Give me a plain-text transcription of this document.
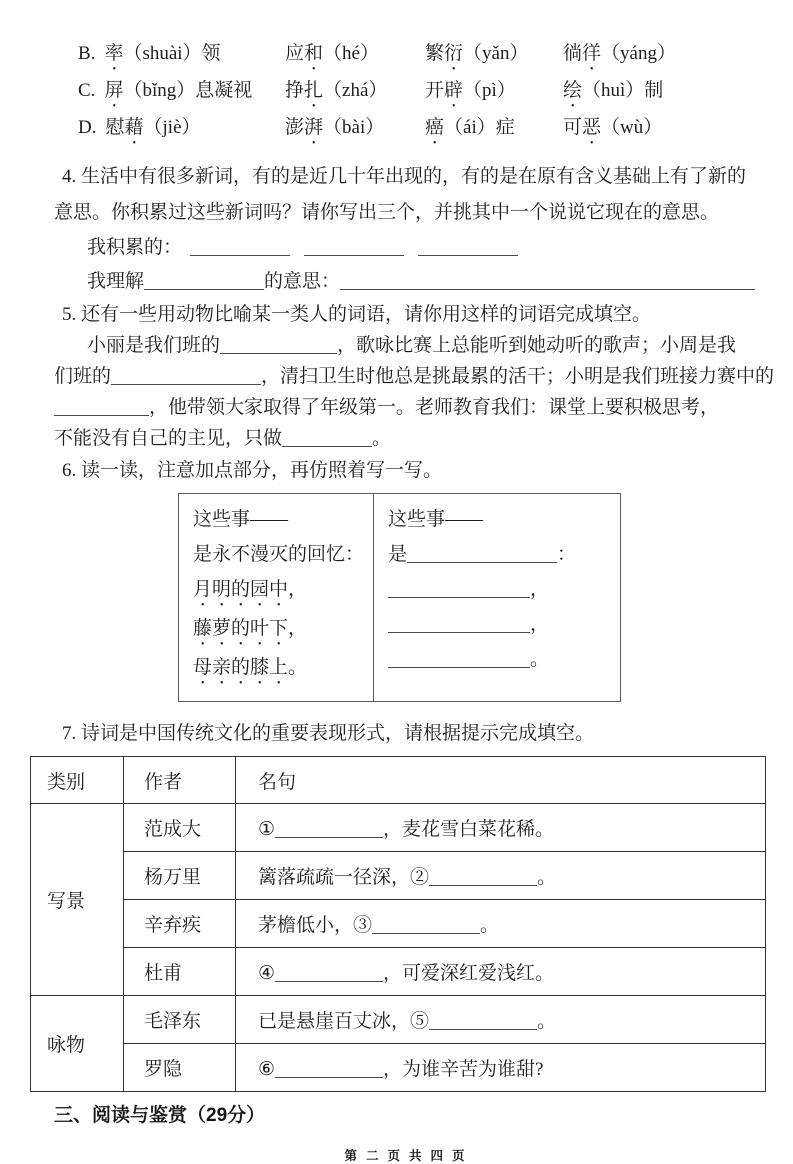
B. 率（shuài）领	应和（hé）	繁衍（yǎn）	徜徉（yáng）
C. 屏（bǐng）息凝视	挣扎（zhá）	开辟（pì）	绘（huì）制
D. 慰藉（jiè）	澎湃（bài）	癌（ái）症	可恶（wù）
4. 生活中有很多新词，有的是近几十年出现的，有的是在原有含义基础上有了新的
意思。你积累过这些新词吗？请你写出三个，并挑其中一个说说它现在的意思。
我积累的：
我理解	的意思：
5. 还有一些用动物比喻某一类人的词语，请你用这样的词语完成填空。
小丽是我们班的	，歌咏比赛上总能听到她动听的歌声；小周是我
们班的	，清扫卫生时他总是挑最累的活干；小明是我们班接力赛中的
，他带领大家取得了年级第一。老师教育我们：课堂上要积极思考，
不能没有自己的主见，只做	。
6. 读一读，注意加点部分，再仿照着写一写。
这些事——
是永不漫灭的回忆：
月明的园中，
藤萝的叶下，
母亲的膝上。

这些事——
是	：
，
，
。
7. 诗词是中国传统文化的重要表现形式，请根据提示完成填空。
类别	作者	名句
写景	范成大	① ，麦花雪白菜花稀。
	杨万里	篱落疏疏一径深，② 。
	辛弃疾	茅檐低小，③ 。
	杜甫	④ ，可爱深红爱浅红。
咏物	毛泽东	已是悬崖百丈冰，⑤ 。
	罗隐	⑥ ，为谁辛苦为谁甜?
三、阅读与鉴赏（29分）
第二页共四页
